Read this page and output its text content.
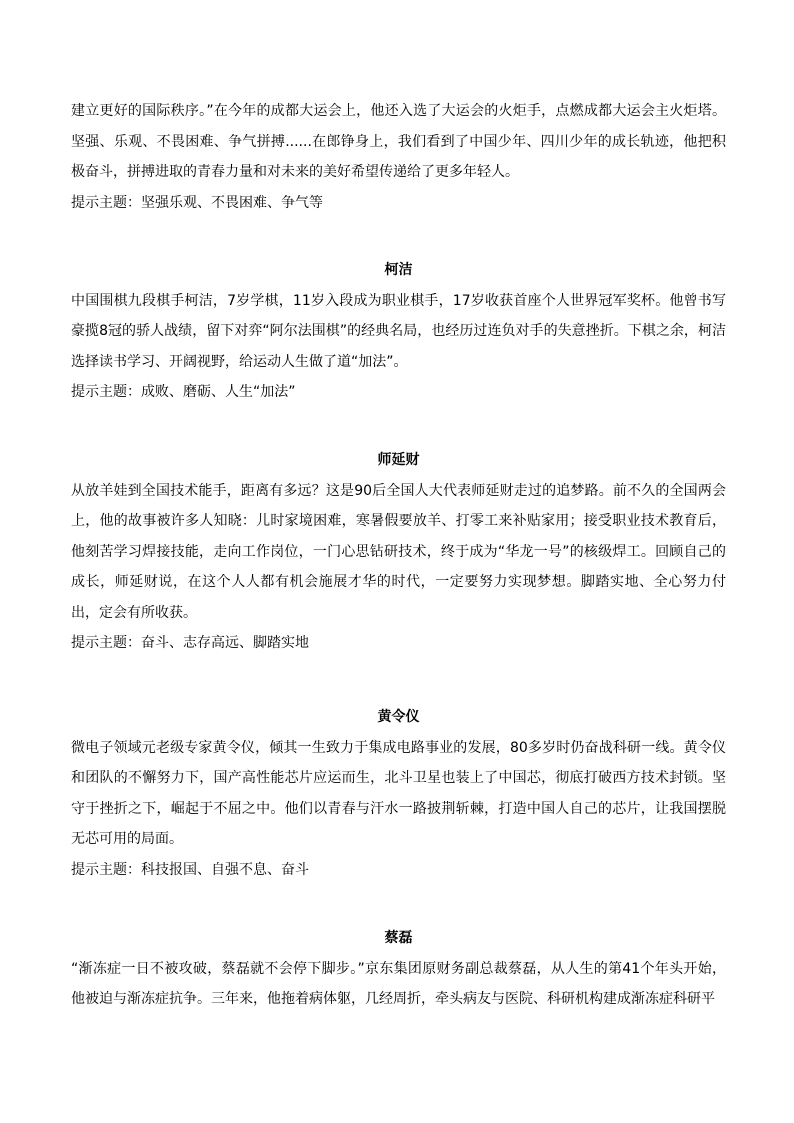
建立更好的国际秩序。”在今年的成都大运会上，他还入选了大运会的火炬手，点燃成都大运会主火炬塔。坚强、乐观、不畏困难、争气拼搏......在郎铮身上，我们看到了中国少年、四川少年的成长轨迹，他把积极奋斗，拼搏进取的青春力量和对未来的美好希望传递给了更多年轻人。

提示主题：坚强乐观、不畏困难、争气等

柯洁

中国围棋九段棋手柯洁，7岁学棋，11岁入段成为职业棋手，17岁收获首座个人世界冠军奖杯。他曾书写豪揽8冠的骄人战绩，留下对弈“阿尔法围棋”的经典名局，也经历过连负对手的失意挫折。下棋之余，柯洁选择读书学习、开阔视野，给运动人生做了道“加法”。

提示主题：成败、磨砺、人生“加法”

师延财

从放羊娃到全国技术能手，距离有多远？这是90后全国人大代表师延财走过的追梦路。前不久的全国两会上，他的故事被许多人知晓：儿时家境困难，寒暑假要放羊、打零工来补贴家用；接受职业技术教育后，他刻苦学习焊接技能，走向工作岗位，一门心思钻研技术，终于成为“华龙一号”的核级焊工。回顾自己的成长，师延财说，在这个人人都有机会施展才华的时代，一定要努力实现梦想。脚踏实地、全心努力付出，定会有所收获。

提示主题：奋斗、志存高远、脚踏实地

黄令仪

微电子领域元老级专家黄令仪，倾其一生致力于集成电路事业的发展，80多岁时仍奋战科研一线。黄令仪和团队的不懈努力下，国产高性能芯片应运而生，北斗卫星也装上了中国芯，彻底打破西方技术封锁。坚守于挫折之下，崛起于不屈之中。他们以青春与汗水一路披荆斩棘，打造中国人自己的芯片，让我国摆脱无芯可用的局面。

提示主题：科技报国、自强不息、奋斗

蔡磊

“渐冻症一日不被攻破，蔡磊就不会停下脚步。”京东集团原财务副总裁蔡磊，从人生的第41个年头开始，他被迫与渐冻症抗争。三年来，他拖着病体躯，几经周折，牵头病友与医院、科研机构建成渐冻症科研平
